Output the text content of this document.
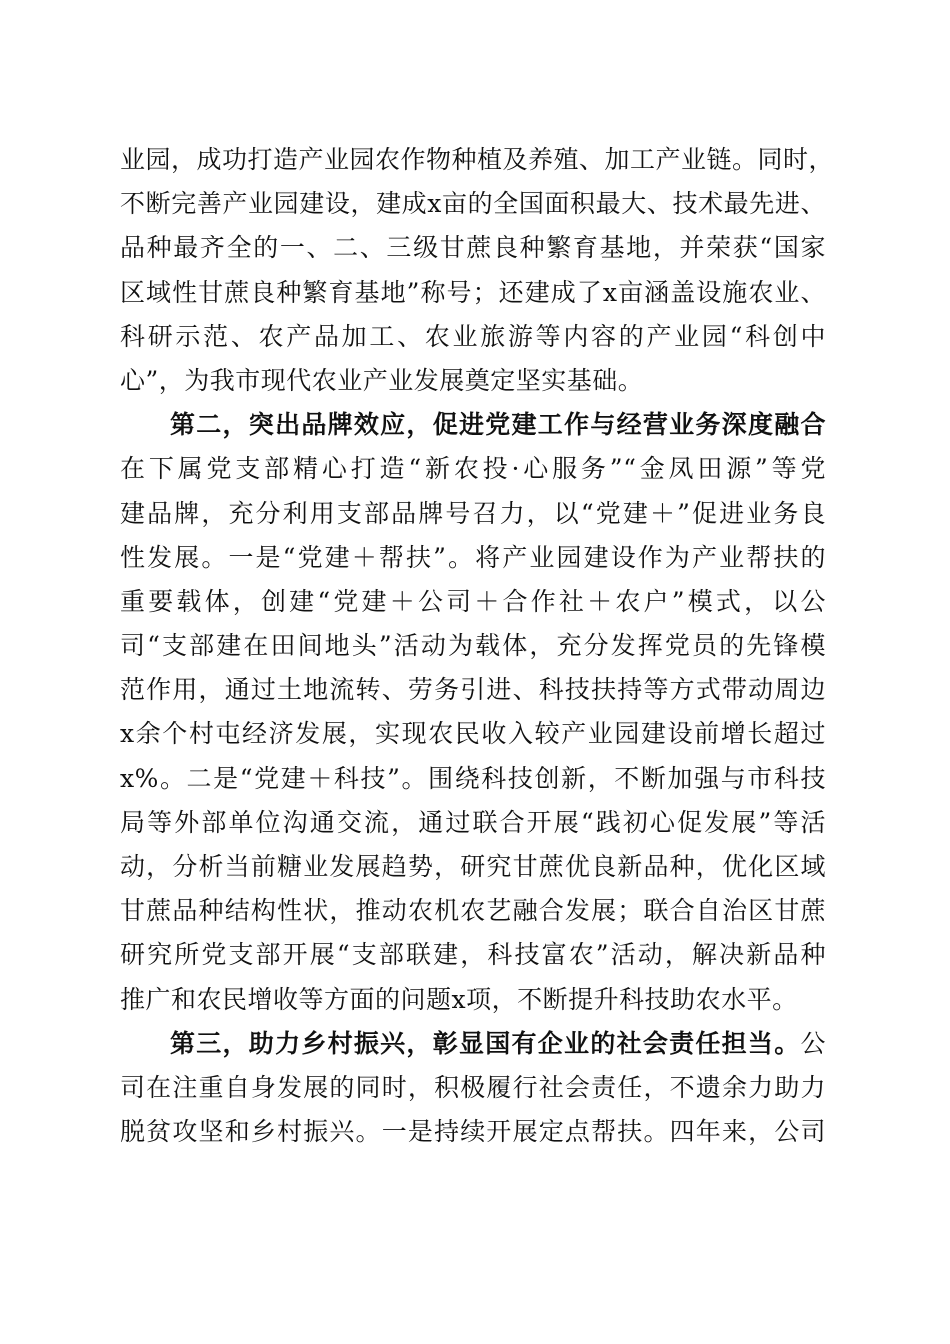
业园，成功打造产业园农作物种植及养殖、加工产业链。同时，
不断完善产业园建设，建成x亩的全国面积最大、技术最先进、
品种最齐全的一、二、三级甘蔗良种繁育基地，并荣获“国家
区域性甘蔗良种繁育基地”称号；还建成了x亩涵盖设施农业、
科研示范、农产品加工、农业旅游等内容的产业园“科创中
心”，为我市现代农业产业发展奠定坚实基础。
第二，突出品牌效应，促进党建工作与经营业务深度融合
在下属党支部精心打造“新农投·心服务”“金凤田源”等党
建品牌，充分利用支部品牌号召力，以“党建＋”促进业务良
性发展。一是“党建＋帮扶”。将产业园建设作为产业帮扶的
重要载体，创建“党建＋公司＋合作社＋农户”模式，以公
司“支部建在田间地头”活动为载体，充分发挥党员的先锋模
范作用，通过土地流转、劳务引进、科技扶持等方式带动周边
x余个村屯经济发展，实现农民收入较产业园建设前增长超过
x%。二是“党建＋科技”。围绕科技创新，不断加强与市科技
局等外部单位沟通交流，通过联合开展“践初心促发展”等活
动，分析当前糖业发展趋势，研究甘蔗优良新品种，优化区域
甘蔗品种结构性状，推动农机农艺融合发展；联合自治区甘蔗
研究所党支部开展“支部联建，科技富农”活动，解决新品种
推广和农民增收等方面的问题x项，不断提升科技助农水平。
第三，助力乡村振兴，彰显国有企业的社会责任担当。公
司在注重自身发展的同时，积极履行社会责任，不遗余力助力
脱贫攻坚和乡村振兴。一是持续开展定点帮扶。四年来，公司
